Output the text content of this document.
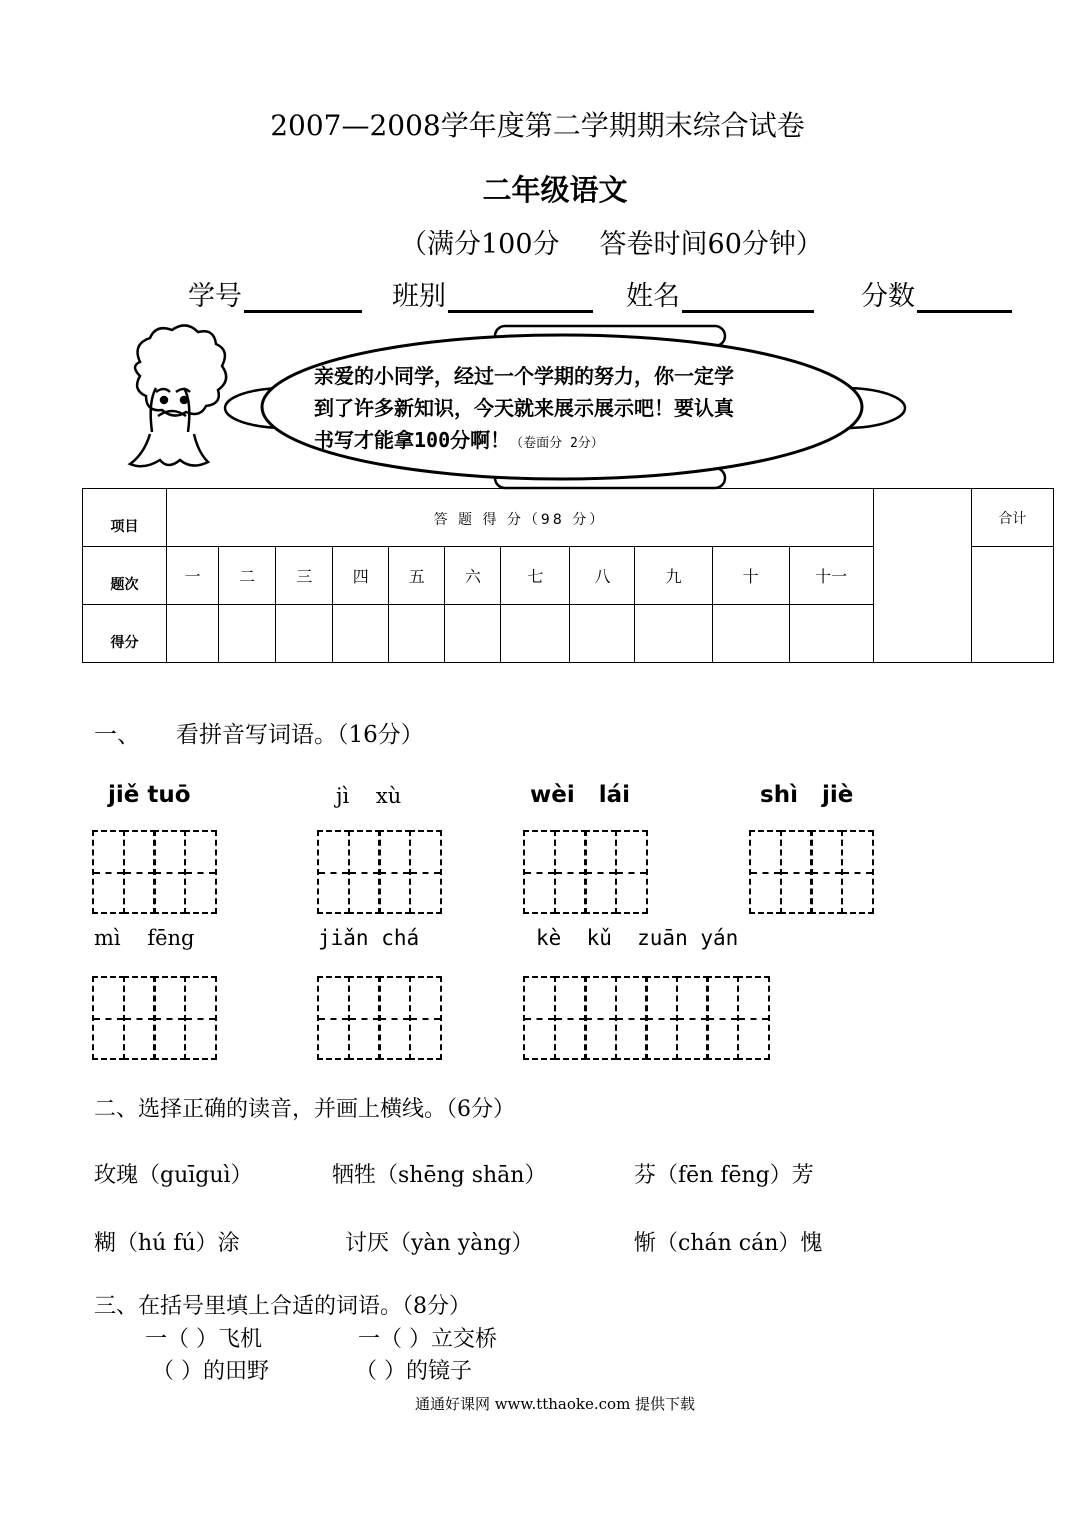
2007—2008学年度第二学期期末综合试卷
二年级语文
（满分100分 答卷时间60分钟）
学号	班别	姓名	分数
亲爱的小同学，经过一个学期的努力，你一定学
到了许多新知识，今天就来展示展示吧！要认真
书写才能拿100分啊！（卷面分 2分）
项目	答 题 得 分（98 分）												合计
题次	一	二	三	四	五	六	七	八	九	十	十一		
得分													
一、 看拼音写词语。（16分）
jiě tuō	jì    xù	wèi   lái	shì   jiè
mì    fēng	jiǎn chá	kè  kǔ  zuān yán
二、选择正确的读音，并画上横线。（6分）
玫瑰（guīguì）	牺牲（shēng shān）	芬（fēn fēng）芳
糊（hú fú）涂	讨厌（yàn yàng）	惭（chán cán）愧
三、在括号里填上合适的词语。（8分）
一（ ）飞机	一（ ）立交桥
（ ）的田野	（ ）的镜子
通通好课网 www.tthaoke.com 提供下载
